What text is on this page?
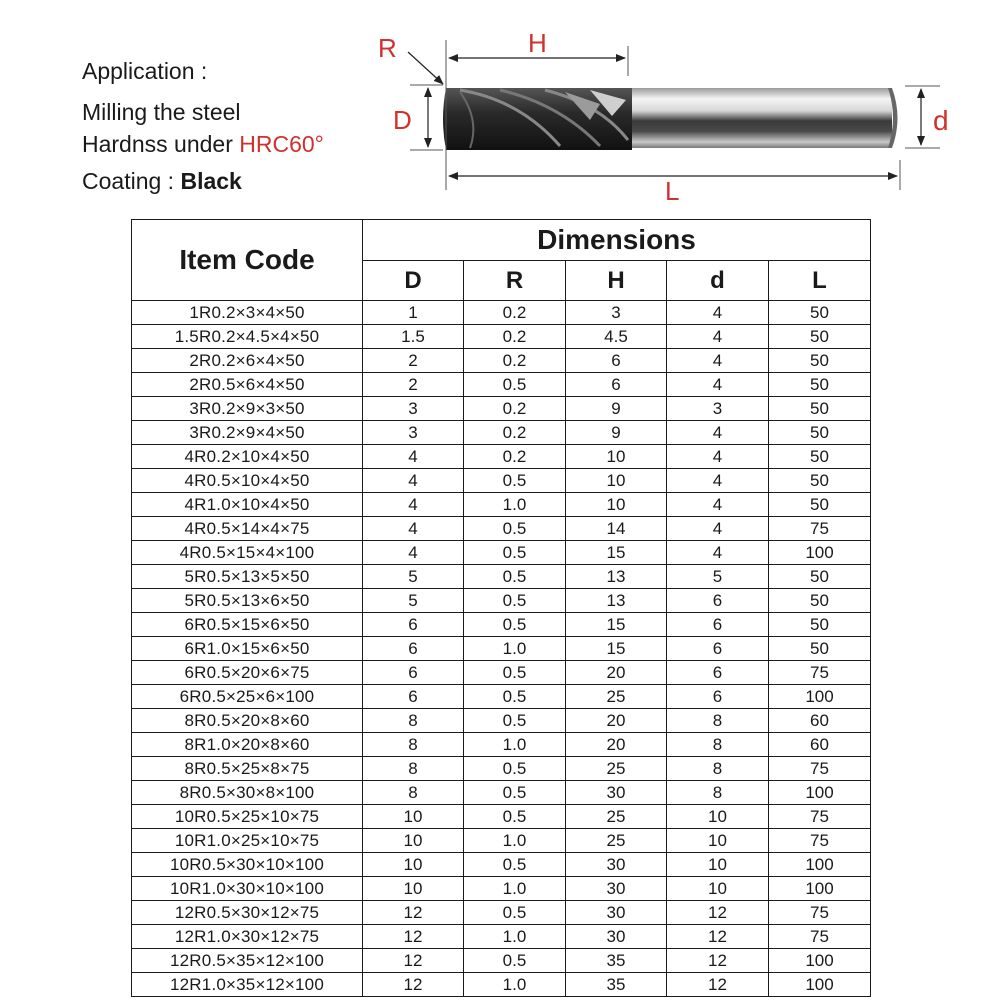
Application :
Milling the steel
Hardnss under HRC60°
Coating : Black
R	H
D	d
L
Item Code	Dimensions				
	D	R	H	d	L
1R0.2×3×4×50	1	0.2	3	4	50
1.5R0.2×4.5×4×50	1.5	0.2	4.5	4	50
2R0.2×6×4×50	2	0.2	6	4	50
2R0.5×6×4×50	2	0.5	6	4	50
3R0.2×9×3×50	3	0.2	9	3	50
3R0.2×9×4×50	3	0.2	9	4	50
4R0.2×10×4×50	4	0.2	10	4	50
4R0.5×10×4×50	4	0.5	10	4	50
4R1.0×10×4×50	4	1.0	10	4	50
4R0.5×14×4×75	4	0.5	14	4	75
4R0.5×15×4×100	4	0.5	15	4	100
5R0.5×13×5×50	5	0.5	13	5	50
5R0.5×13×6×50	5	0.5	13	6	50
6R0.5×15×6×50	6	0.5	15	6	50
6R1.0×15×6×50	6	1.0	15	6	50
6R0.5×20×6×75	6	0.5	20	6	75
6R0.5×25×6×100	6	0.5	25	6	100
8R0.5×20×8×60	8	0.5	20	8	60
8R1.0×20×8×60	8	1.0	20	8	60
8R0.5×25×8×75	8	0.5	25	8	75
8R0.5×30×8×100	8	0.5	30	8	100
10R0.5×25×10×75	10	0.5	25	10	75
10R1.0×25×10×75	10	1.0	25	10	75
10R0.5×30×10×100	10	0.5	30	10	100
10R1.0×30×10×100	10	1.0	30	10	100
12R0.5×30×12×75	12	0.5	30	12	75
12R1.0×30×12×75	12	1.0	30	12	75
12R0.5×35×12×100	12	0.5	35	12	100
12R1.0×35×12×100	12	1.0	35	12	100
